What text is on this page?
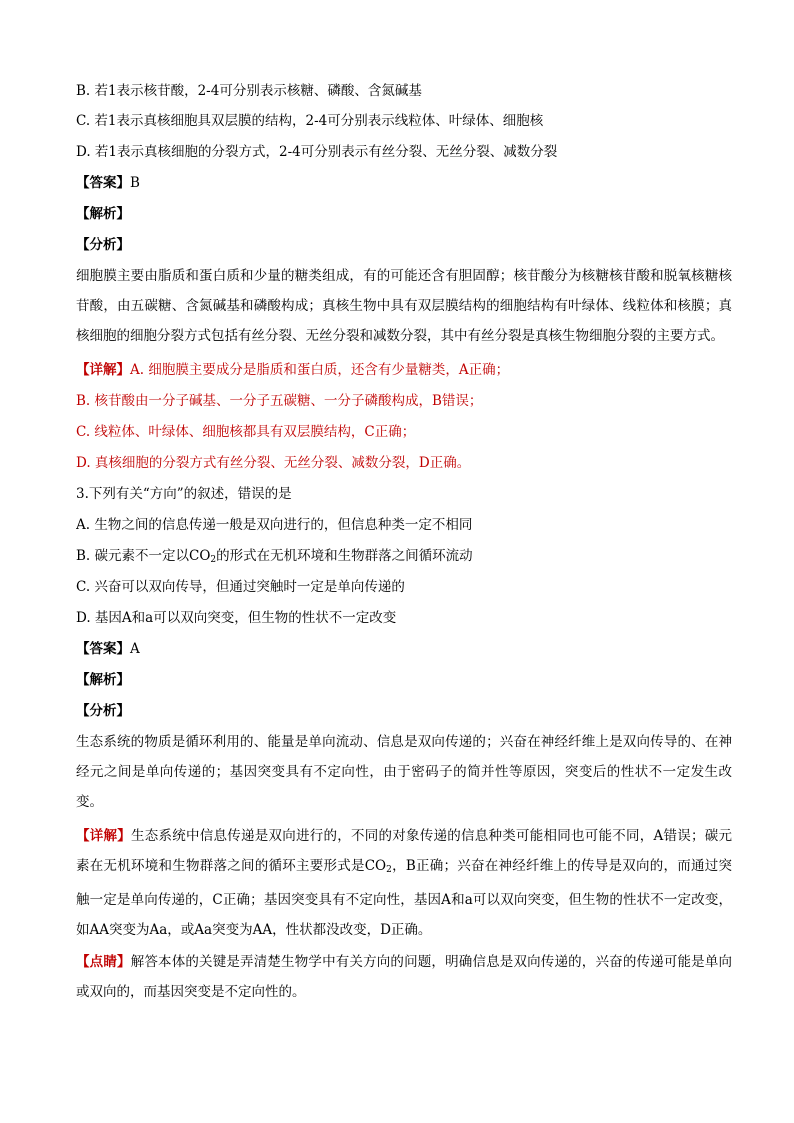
B. 若1表示核苷酸，2-4可分别表示核糖、磷酸、含氮碱基
C. 若1表示真核细胞具双层膜的结构，2-4可分别表示线粒体、叶绿体、细胞核
D. 若1表示真核细胞的分裂方式，2-4可分别表示有丝分裂、无丝分裂、减数分裂
【答案】B
【解析】
【分析】
细胞膜主要由脂质和蛋白质和少量的糖类组成，有的可能还含有胆固醇；核苷酸分为核糖核苷酸和脱氧核糖核苷酸，由五碳糖、含氮碱基和磷酸构成；真核生物中具有双层膜结构的细胞结构有叶绿体、线粒体和核膜；真核细胞的细胞分裂方式包括有丝分裂、无丝分裂和减数分裂，其中有丝分裂是真核生物细胞分裂的主要方式。
【详解】A. 细胞膜主要成分是脂质和蛋白质，还含有少量糖类，A正确；
B. 核苷酸由一分子碱基、一分子五碳糖、一分子磷酸构成，B错误；
C. 线粒体、叶绿体、细胞核都具有双层膜结构，C正确；
D. 真核细胞的分裂方式有丝分裂、无丝分裂、减数分裂，D正确。
3.下列有关“方向”的叙述，错误的是
A. 生物之间的信息传递一般是双向进行的，但信息种类一定不相同
B. 碳元素不一定以$CO_2$的形式在无机环境和生物群落之间循环流动
C. 兴奋可以双向传导，但通过突触时一定是单向传递的
D. 基因A和a可以双向突变，但生物的性状不一定改变
【答案】A
【解析】
【分析】
生态系统的物质是循环利用的、能量是单向流动、信息是双向传递的；兴奋在神经纤维上是双向传导的、在神经元之间是单向传递的；基因突变具有不定向性，由于密码子的简并性等原因，突变后的性状不一定发生改变。
【详解】生态系统中信息传递是双向进行的，不同的对象传递的信息种类可能相同也可能不同，A错误；碳元素在无机环境和生物群落之间的循环主要形式是$CO_2$，B正确；兴奋在神经纤维上的传导是双向的，而通过突触一定是单向传递的，C正确；基因突变具有不定向性，基因A和a可以双向突变，但生物的性状不一定改变，如AA突变为Aa，或Aa突变为AA，性状都没改变，D正确。
【点睛】解答本体的关键是弄清楚生物学中有关方向的问题，明确信息是双向传递的，兴奋的传递可能是单向或双向的，而基因突变是不定向性的。
